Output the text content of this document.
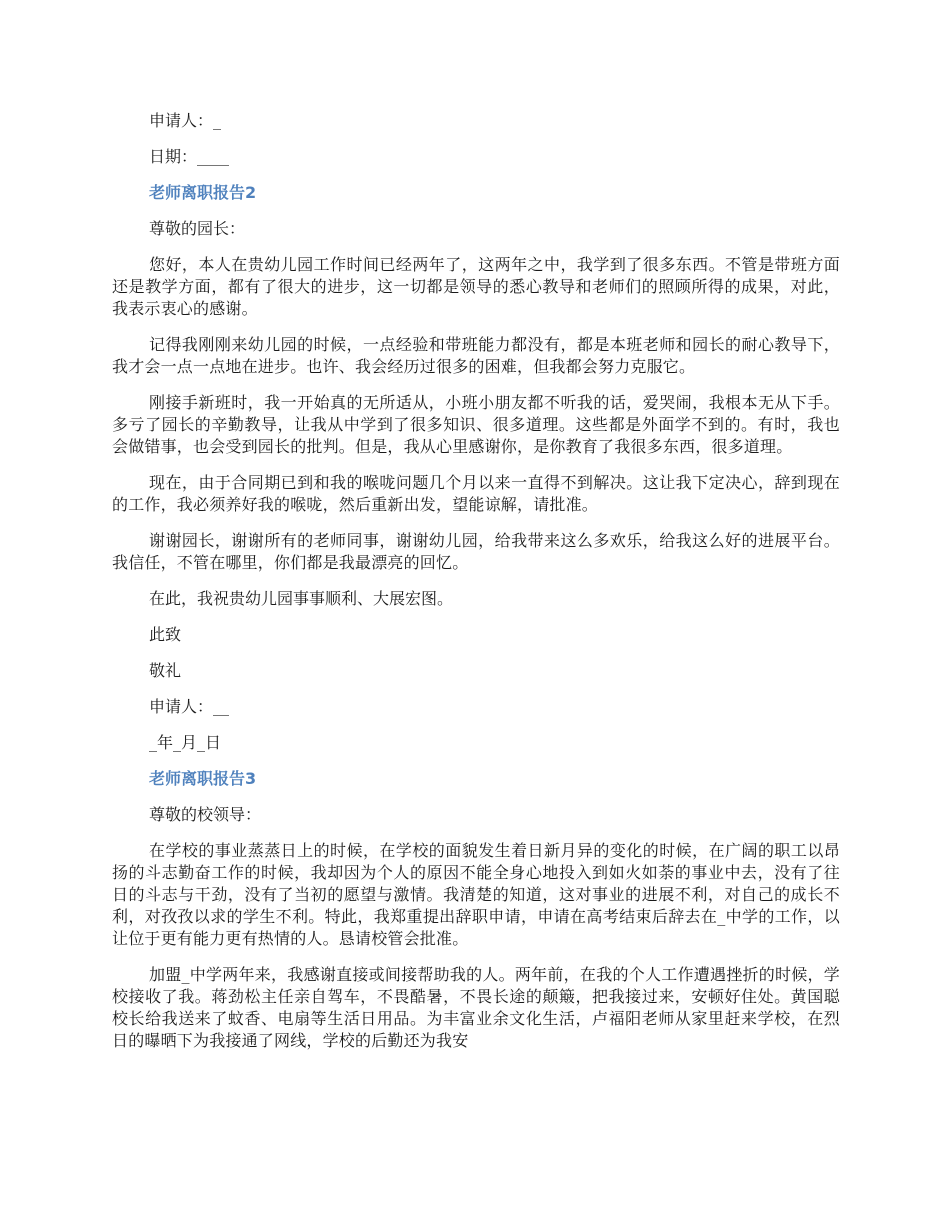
申请人：_
日期：____
老师离职报告2
尊敬的园长：

您好，本人在贵幼儿园工作时间已经两年了，这两年之中，我学到了很多东西。不管是带班方面还是教学方面，都有了很大的进步，这一切都是领导的悉心教导和老师们的照顾所得的成果，对此，我表示衷心的感谢。

记得我刚刚来幼儿园的时候，一点经验和带班能力都没有，都是本班老师和园长的耐心教导下，我才会一点一点地在进步。也许、我会经历过很多的困难，但我都会努力克服它。

刚接手新班时，我一开始真的无所适从，小班小朋友都不听我的话，爱哭闹，我根本无从下手。多亏了园长的辛勤教导，让我从中学到了很多知识、很多道理。这些都是外面学不到的。有时，我也会做错事，也会受到园长的批判。但是，我从心里感谢你，是你教育了我很多东西，很多道理。

现在，由于合同期已到和我的喉咙问题几个月以来一直得不到解决。这让我下定决心，辞到现在的工作，我必须养好我的喉咙，然后重新出发，望能谅解，请批准。

谢谢园长，谢谢所有的老师同事，谢谢幼儿园，给我带来这么多欢乐，给我这么好的进展平台。我信任，不管在哪里，你们都是我最漂亮的回忆。

在此，我祝贵幼儿园事事顺利、大展宏图。
此致
敬礼
申请人：__
_年_月_日
老师离职报告3
尊敬的校领导：

在学校的事业蒸蒸日上的时候，在学校的面貌发生着日新月异的变化的时候，在广阔的职工以昂扬的斗志勤奋工作的时候，我却因为个人的原因不能全身心地投入到如火如荼的事业中去，没有了往日的斗志与干劲，没有了当初的愿望与激情。我清楚的知道，这对事业的进展不利，对自己的成长不利，对孜孜以求的学生不利。特此，我郑重提出辞职申请，申请在高考结束后辞去在_中学的工作，以让位于更有能力更有热情的人。恳请校管会批准。

加盟_中学两年来，我感谢直接或间接帮助我的人。两年前，在我的个人工作遭遇挫折的时候，学校接收了我。蒋劲松主任亲自驾车，不畏酷暑，不畏长途的颠簸，把我接过来，安顿好住处。黄国聪校长给我送来了蚊香、电扇等生活日用品。为丰富业余文化生活，卢福阳老师从家里赶来学校，在烈日的曝晒下为我接通了网线，学校的后勤还为我安
